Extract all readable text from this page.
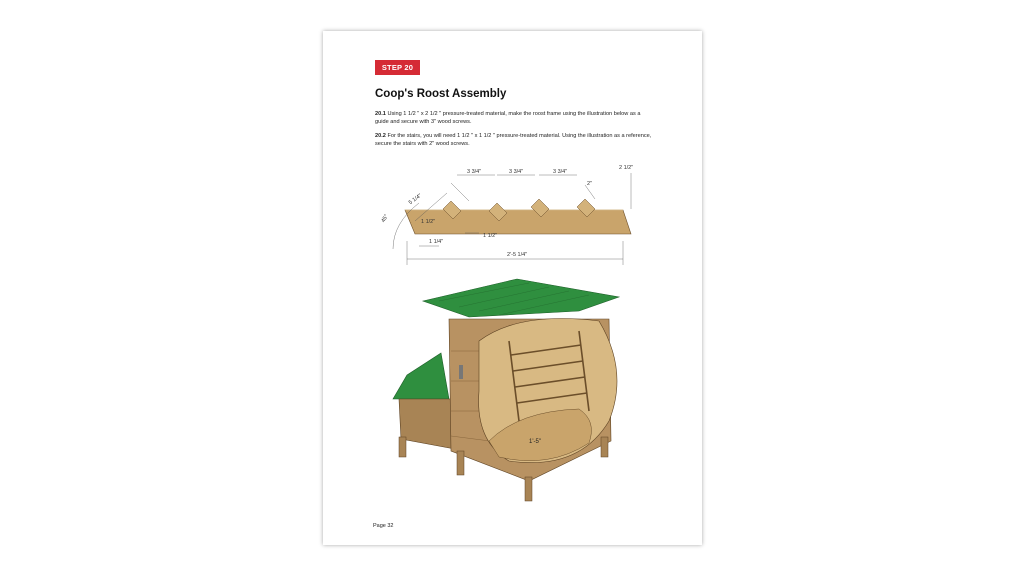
STEP 20
Coop's Roost Assembly

20.1 Using 1 1/2 " x 2 1/2 " pressure-treated material, make the roost frame using the illustration below as a guide and secure with 3" wood screws.

20.2 For the stairs, you will need 1 1/2 " x 1 1/2 " pressure-treated material. Using the illustration as a reference, secure the stairs with 2" wood screws.

45°
5 1/4"
3 3/4"	3 3/4"	3 3/4"
2"
2 1/2"
1 1/2"
1 1/2"
1 1/4"
2'-5 1/4"
1'-5"
Page 32
